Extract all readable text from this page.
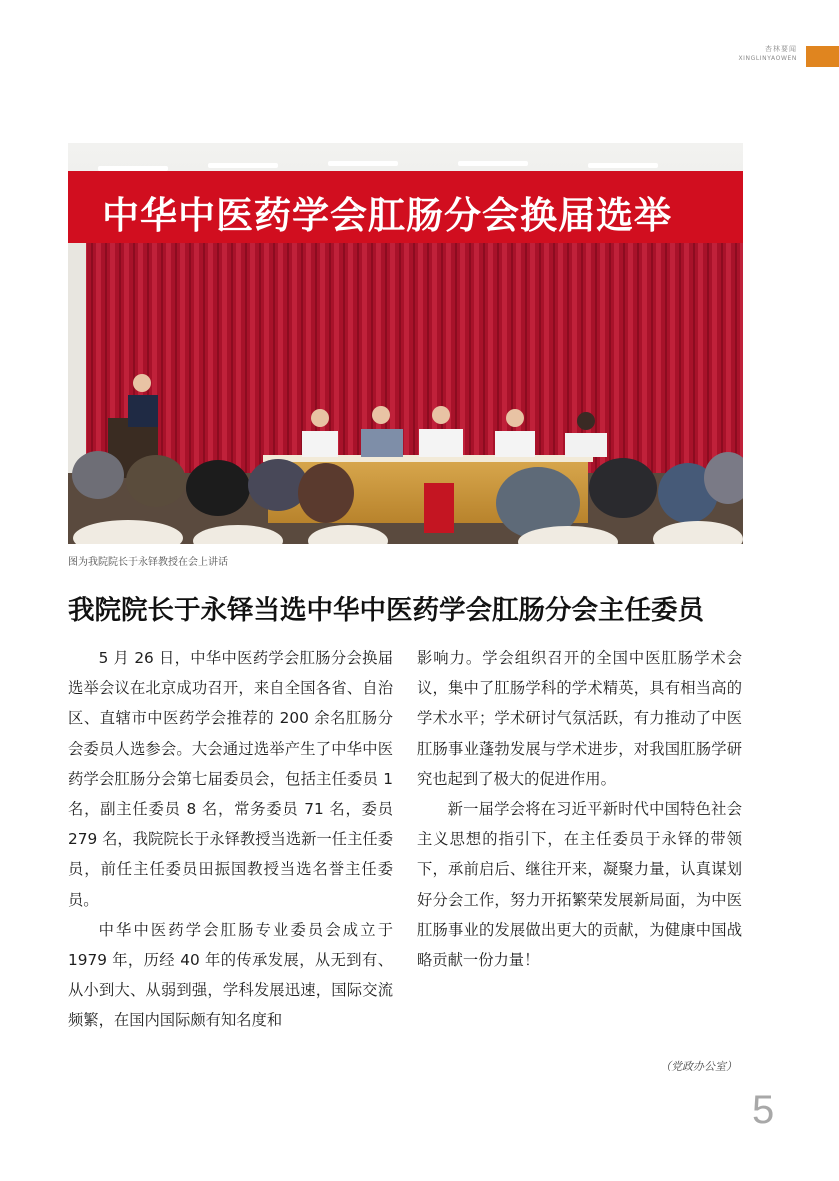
杏林要闻
XINGLINYAOWEN
中华中医药学会肛肠分会换届选举
图为我院院长于永铎教授在会上讲话
我院院长于永铎当选中华中医药学会肛肠分会主任委员

5 月 26 日，中华中医药学会肛肠分会换届选举会议在北京成功召开，来自全国各省、自治区、直辖市中医药学会推荐的 200 余名肛肠分会委员人选参会。大会通过选举产生了中华中医药学会肛肠分会第七届委员会，包括主任委员 1 名，副主任委员 8 名，常务委员 71 名，委员 279 名，我院院长于永铎教授当选新一任主任委员，前任主任委员田振国教授当选名誉主任委员。

中华中医药学会肛肠专业委员会成立于 1979 年，历经 40 年的传承发展，从无到有、从小到大、从弱到强，学科发展迅速，国际交流频繁，在国内国际颇有知名度和

影响力。学会组织召开的全国中医肛肠学术会议，集中了肛肠学科的学术精英，具有相当高的学术水平；学术研讨气氛活跃，有力推动了中医肛肠事业蓬勃发展与学术进步，对我国肛肠学研究也起到了极大的促进作用。

新一届学会将在习近平新时代中国特色社会主义思想的指引下，在主任委员于永铎的带领下，承前启后、继往开来，凝聚力量，认真谋划好分会工作，努力开拓繁荣发展新局面，为中医肛肠事业的发展做出更大的贡献，为健康中国战略贡献一份力量！

（党政办公室）
5
